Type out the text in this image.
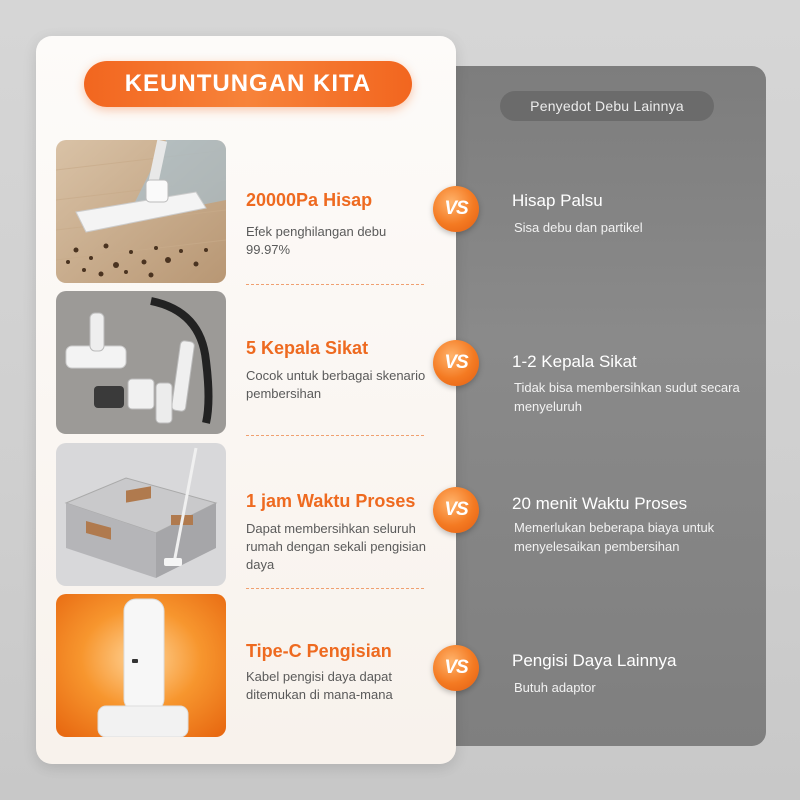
Penyedot Debu Lainnya
KEUNTUNGAN KITA
20000Pa Hisap
Efek penghilangan debu 99.97%
5 Kepala Sikat
Cocok untuk berbagai skenario pembersihan
1 jam Waktu Proses
Dapat membersihkan seluruh rumah dengan sekali pengisian daya
Tipe-C Pengisian
Kabel pengisi daya dapat ditemukan di mana-mana
VS
VS
VS
VS
Hisap Palsu
Sisa debu dan partikel
1-2 Kepala Sikat
Tidak bisa membersihkan sudut secara menyeluruh
20 menit Waktu Proses
Memerlukan beberapa biaya untuk menyelesaikan pembersihan
Pengisi Daya Lainnya
Butuh adaptor
